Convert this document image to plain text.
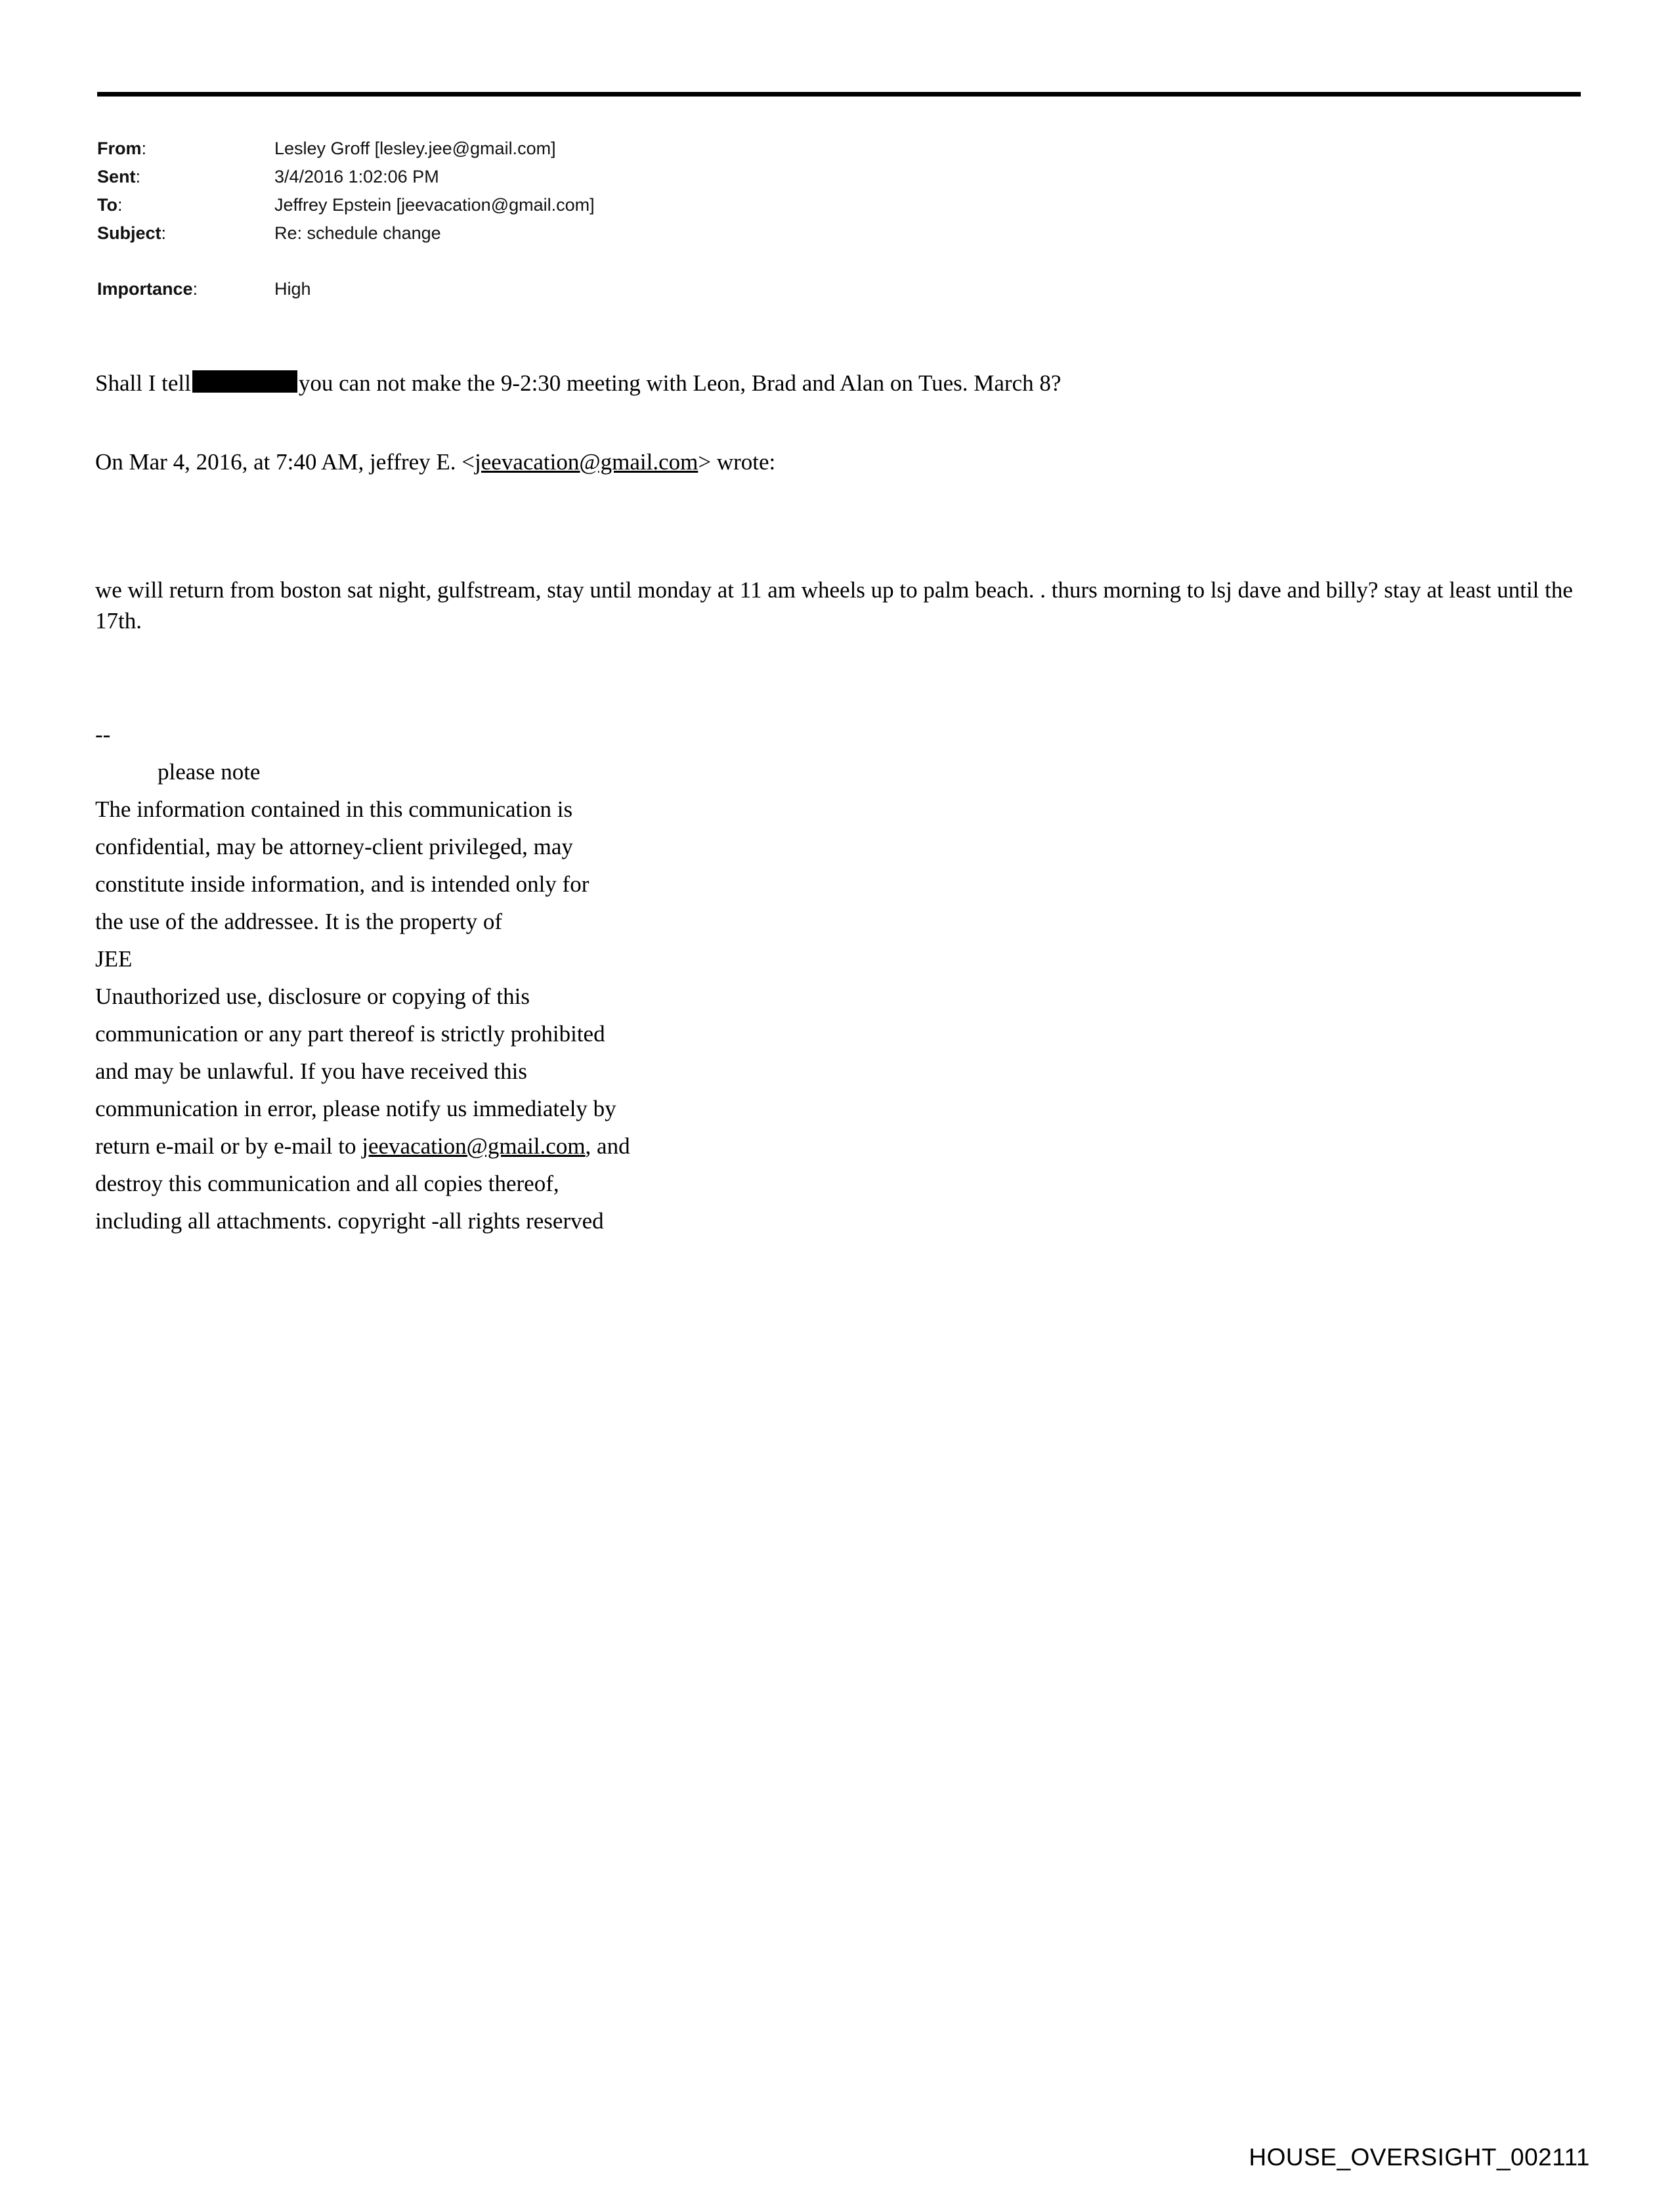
From:	Lesley Groff [lesley.jee@gmail.com]
Sent:	3/4/2016 1:02:06 PM
To:	Jeffrey Epstein [jeevacation@gmail.com]
Subject:	Re: schedule change
Importance:	High
Shall I tell	you can not make the 9-2:30 meeting with Leon, Brad and Alan on Tues. March 8?
On Mar 4, 2016, at 7:40 AM, jeffrey E. <jeevacation@gmail.com> wrote:
we will return from boston sat night, gulfstream, stay until monday at 11 am wheels up to palm beach. . thurs morning to lsj dave and billy? stay at least until the 17th.
--
please note
The information contained in this communication is
confidential, may be attorney-client privileged, may
constitute inside information, and is intended only for
the use of the addressee. It is the property of
JEE
Unauthorized use, disclosure or copying of this
communication or any part thereof is strictly prohibited
and may be unlawful. If you have received this
communication in error, please notify us immediately by
return e-mail or by e-mail to jeevacation@gmail.com, and
destroy this communication and all copies thereof,
including all attachments. copyright -all rights reserved
HOUSE_OVERSIGHT_002111
